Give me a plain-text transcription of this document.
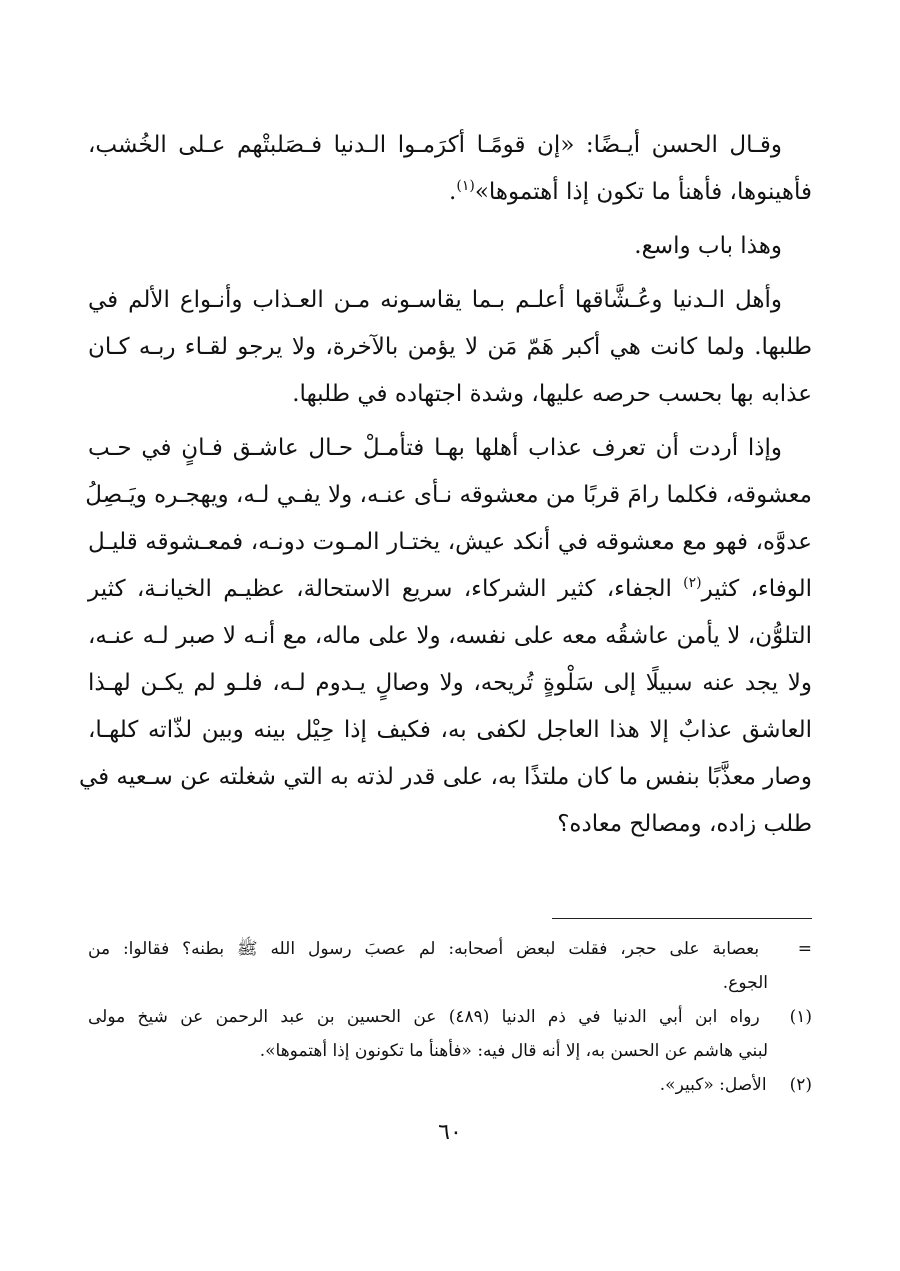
وقـال الحسن أيـضًا: «إن قومًـا أكرَمـوا الـدنيا فـصَلبتْهم عـلى الخُشب،
فأهينوها، فأهنأ ما تكون إذا أهتموها»$^{(١)}$.
وهذا باب واسع.
وأهل الـدنيا وعُـشَّاقها أعلـم بـما يقاسـونه مـن العـذاب وأنـواع الألم في
طلبها. ولما كانت هي أكبر هَمّ مَن لا يؤمن بالآخرة، ولا يرجو لقـاء ربـه كـان
عذابه بها بحسب حرصه عليها، وشدة اجتهاده في طلبها.
وإذا أردت أن تعرف عذاب أهلها بهـا فتأمـلْ حـال عاشـق فـانٍ في حـب
معشوقه، فكلما رامَ قربًا من معشوقه نـأى عنـه، ولا يفـي لـه، ويهجـره ويَـصِلُ
عدوَّه، فهو مع معشوقه في أنكد عيش، يختـار المـوت دونـه، فمعـشوقه قليـل
الوفاء، كثير$^{(٢)}$ الجفاء، كثير الشركاء، سريع الاستحالة، عظيـم الخيانـة، كثير
التلوُّن، لا يأمن عاشقُه معه على نفسه، ولا على ماله، مع أنـه لا صبر لـه عنـه،
ولا يجد عنه سبيلًا إلى سَلْوةٍ تُريحه، ولا وصالٍ يـدوم لـه، فلـو لم يكـن لهـذا
العاشق عذابٌ إلا هذا العاجل لكفى به، فكيف إذا حِيْل بينه وبين لذّاته كلهـا،
وصار معذَّبًا بنفس ما كان ملتذًا به، على قدر لذته به التي شغلته عن سـعيه في
طلب زاده، ومصالح معاده؟
= بعصابة على حجر، فقلت لبعض أصحابه: لم عصبَ رسول الله ﷺ بطنه؟ فقالوا: من
الجوع.
(١) رواه ابن أبي الدنيا في ذم الدنيا (٤٨٩) عن الحسين بن عبد الرحمن عن شيخ مولى
لبني هاشم عن الحسن به، إلا أنه قال فيه: «فأهنأ ما تكونون إذا أهتموها».
(٢) الأصل: «كبير».
٦٠
